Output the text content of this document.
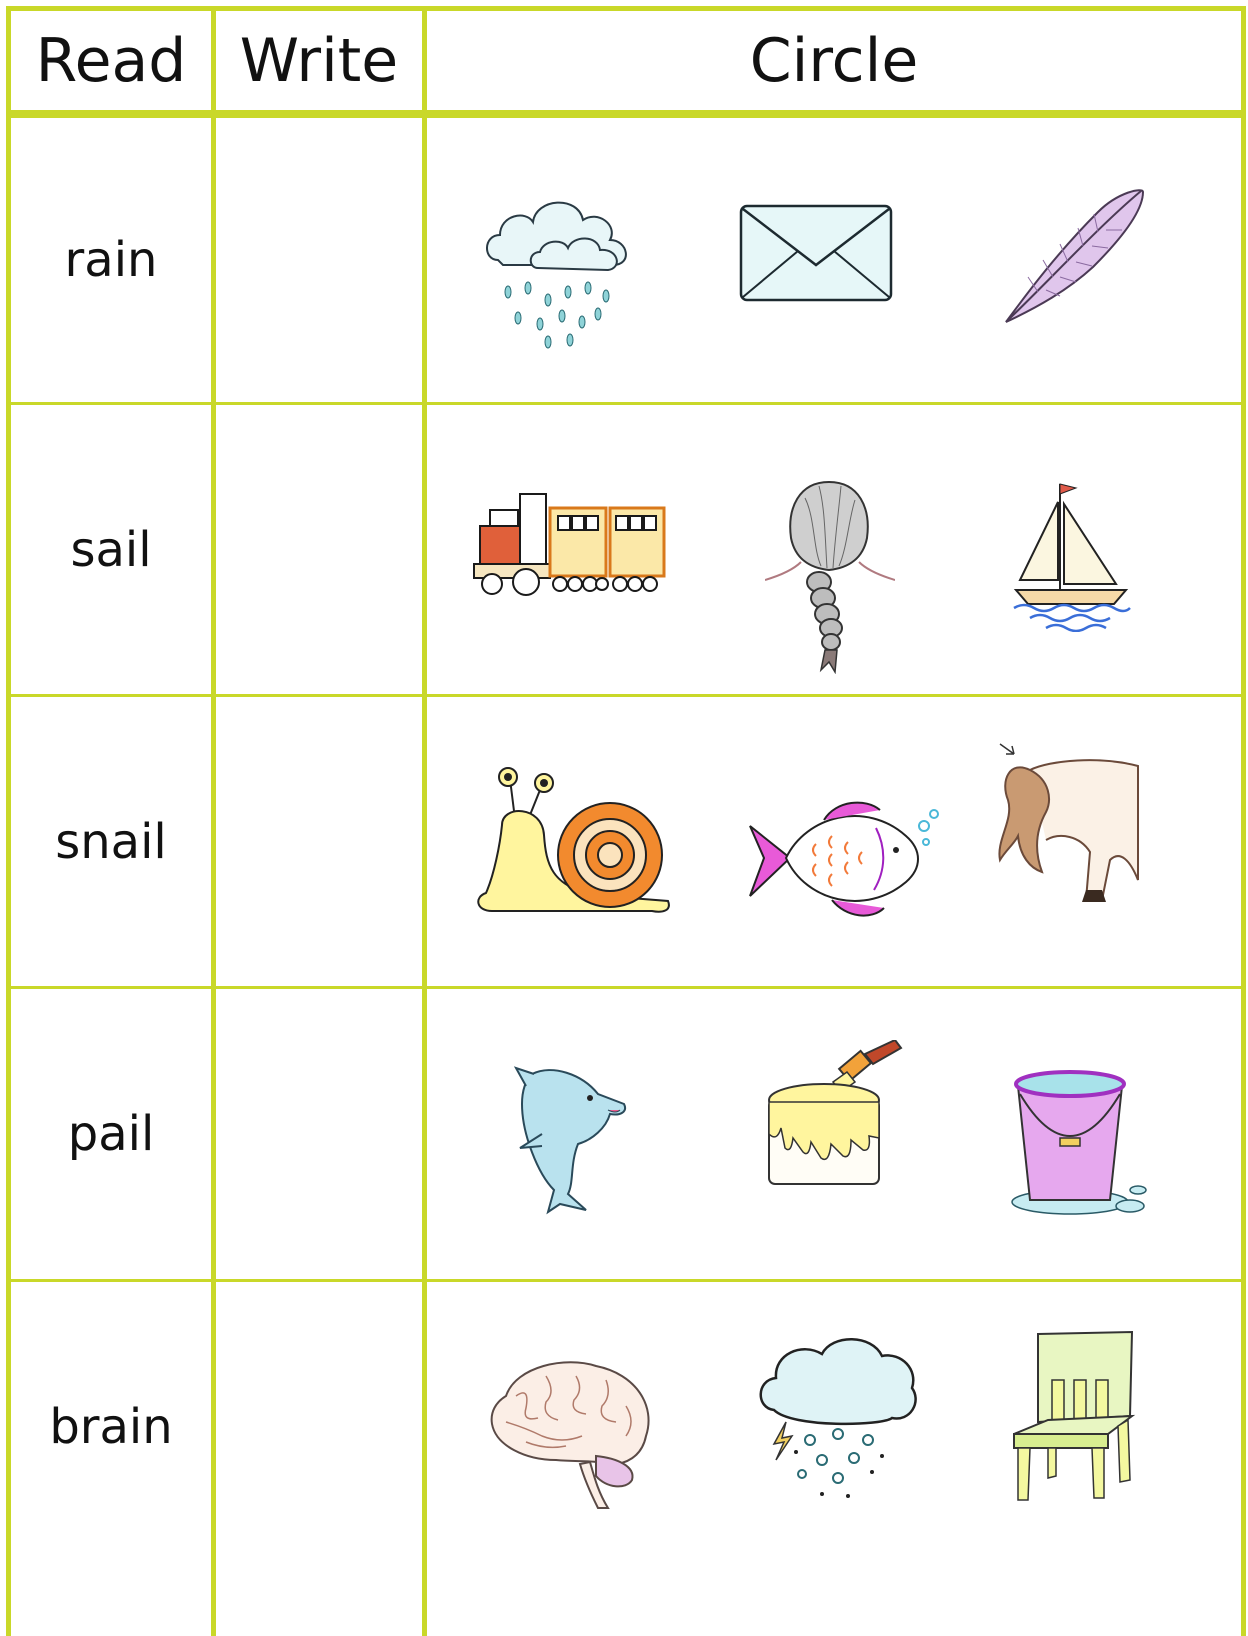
Read Write	Circle
rain
sail
snail
pail
brain
